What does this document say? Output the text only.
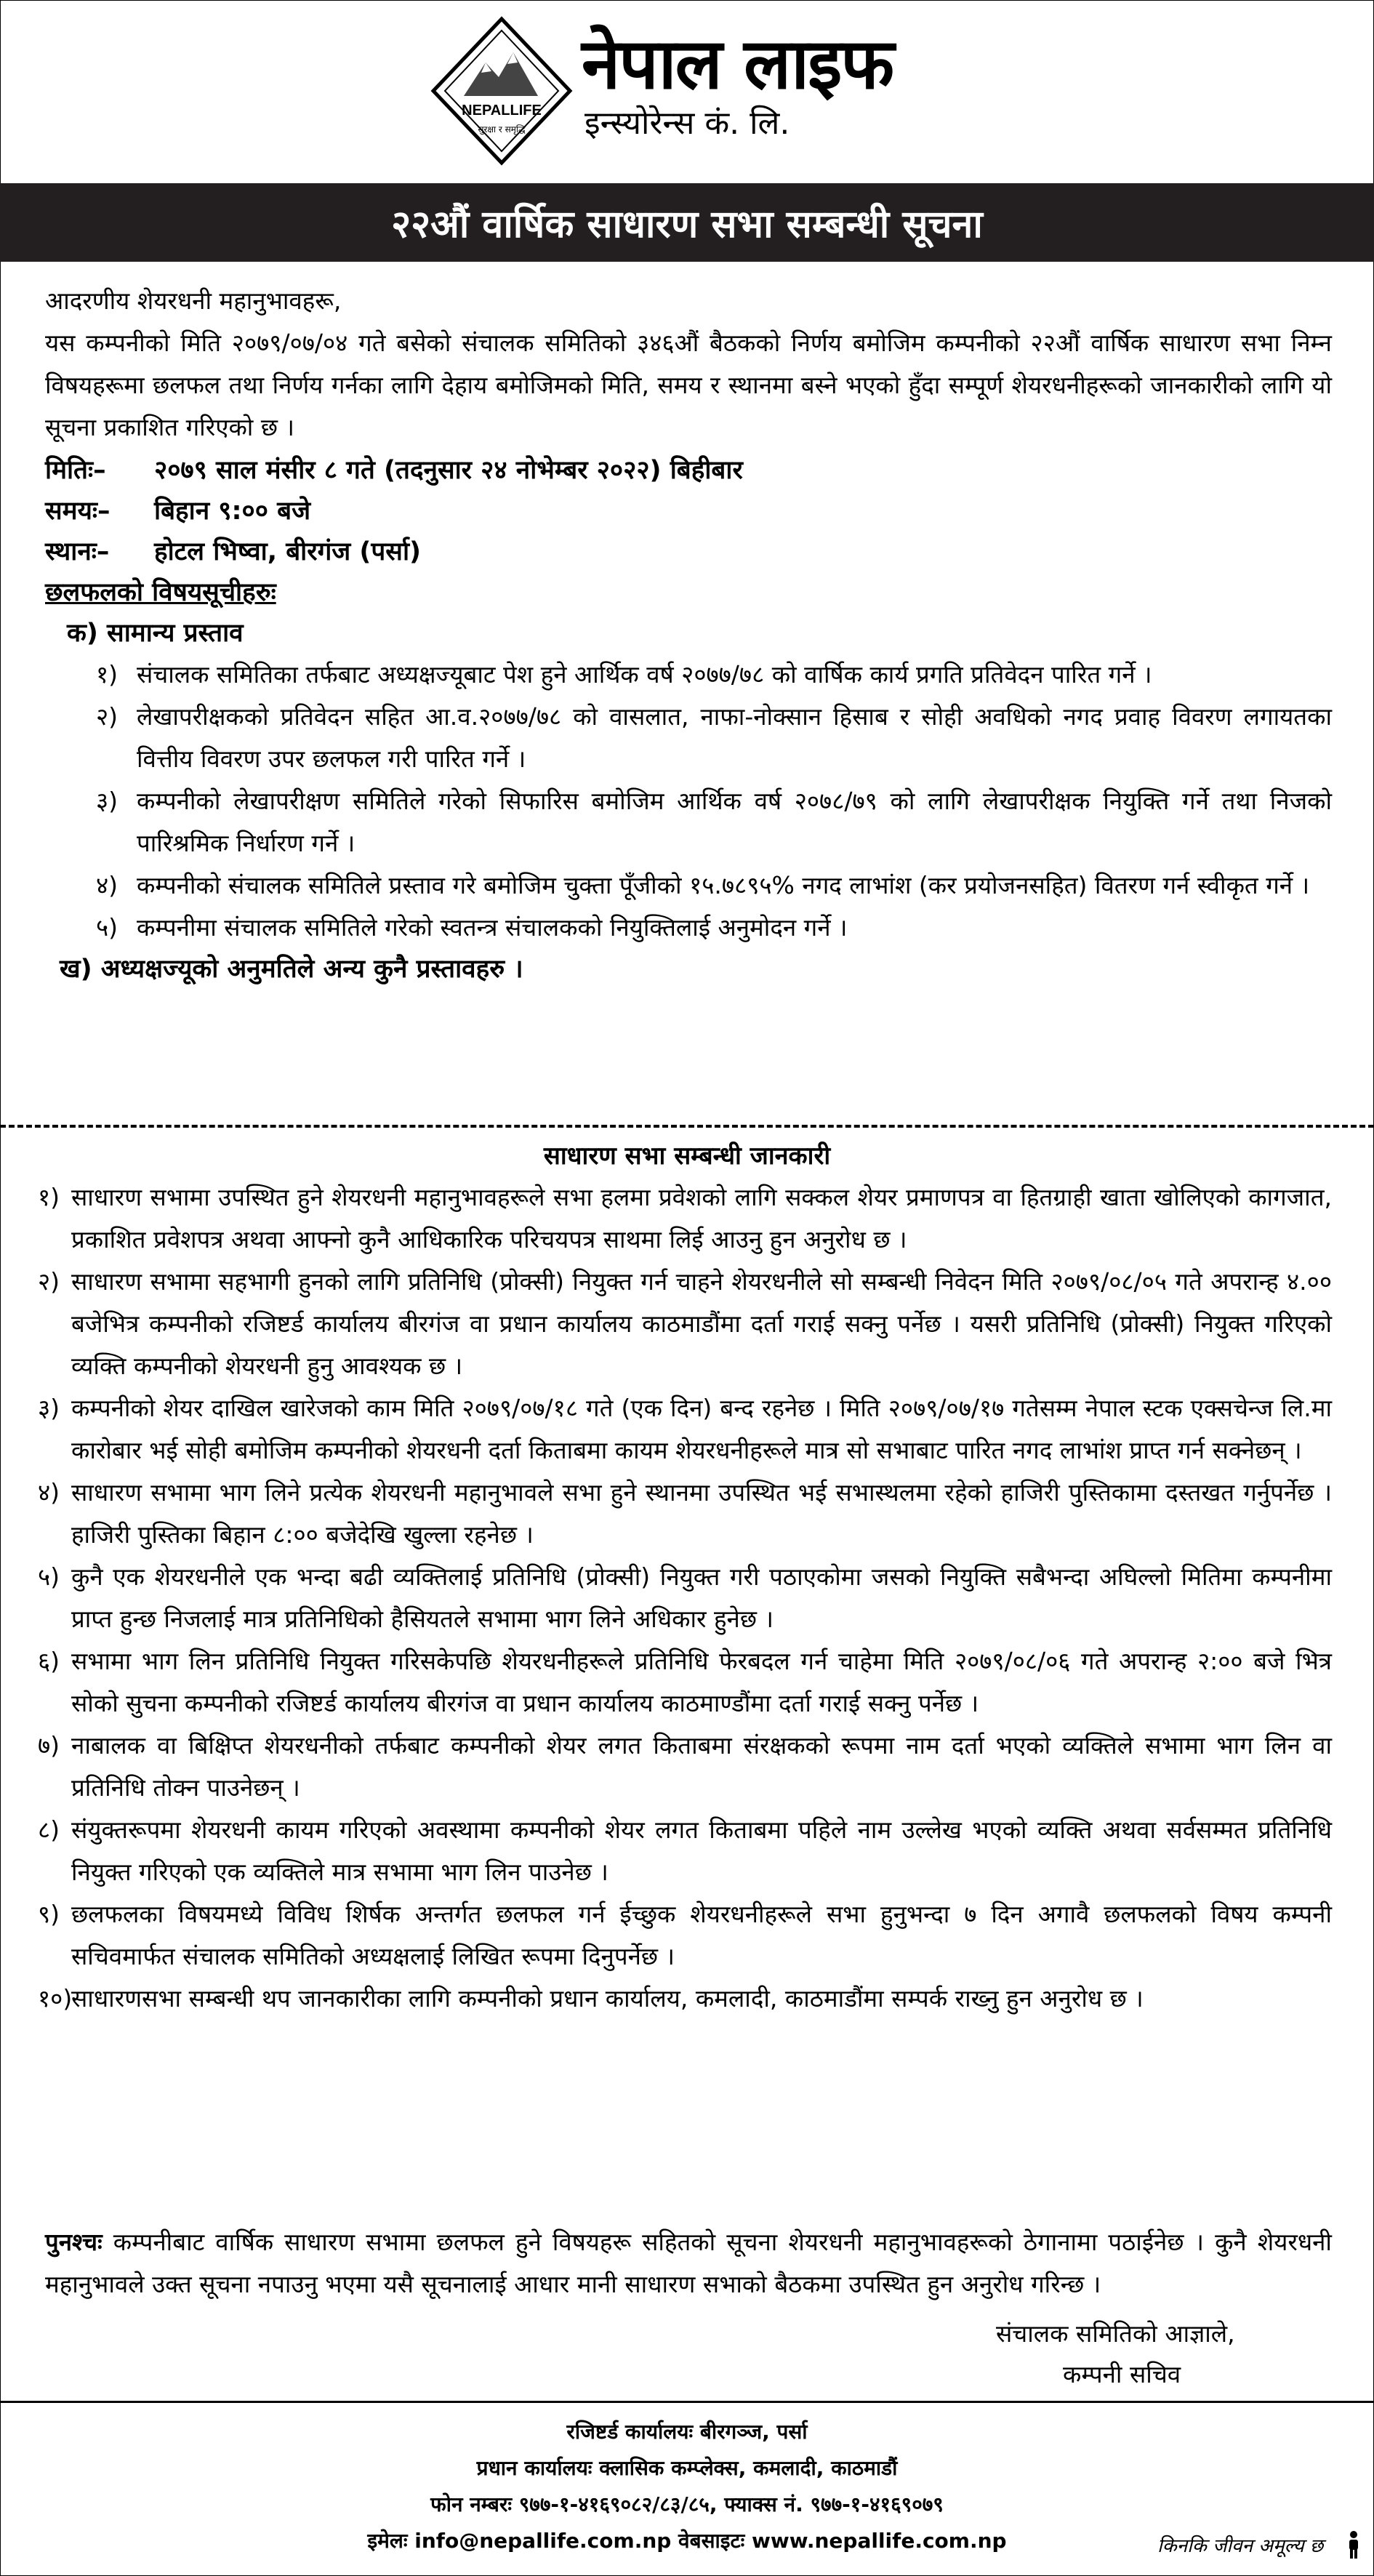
NEPALLIFE
सुरक्षा र समृद्धि
नेपाल लाइफ
इन्स्योरेन्स कं. लि.
२२औं वार्षिक साधारण सभा सम्बन्धी सूचना

आदरणीय शेयरधनी महानुभावहरू,

यस कम्पनीको मिति २०७९/०७/०४ गते बसेको संचालक समितिको ३४६औं बैठकको निर्णय बमोजिम कम्पनीको २२औं वार्षिक साधारण सभा निम्न विषयहरूमा छलफल तथा निर्णय गर्नका लागि देहाय बमोजिमको मिति, समय र स्थानमा बस्ने भएको हुँदा सम्पूर्ण शेयरधनीहरूको जानकारीको लागि यो सूचना प्रकाशित गरिएको छ ।

मितिः–	२०७९ साल मंसीर ८ गते (तदनुसार २४ नोभेम्बर २०२२) बिहीबार
समयः–	बिहान ९:०० बजे
स्थानः–	होटल भिष्वा, बीरगंज (पर्सा)
छलफलको विषयसूचीहरुः
क) सामान्य प्रस्ताव
१) संचालक समितिका तर्फबाट अध्यक्षज्यूबाट पेश हुने आर्थिक वर्ष २०७७/७८ को वार्षिक कार्य प्रगति प्रतिवेदन पारित गर्ने ।
२) लेखापरीक्षकको प्रतिवेदन सहित आ.व.२०७७/७८ को वासलात, नाफा-नोक्सान हिसाब र सोही अवधिको नगद प्रवाह विवरण लगायतका वित्तीय विवरण उपर छलफल गरी पारित गर्ने ।
३) कम्पनीको लेखापरीक्षण समितिले गरेको सिफारिस बमोजिम आर्थिक वर्ष २०७८/७९ को लागि लेखापरीक्षक नियुक्ति गर्ने तथा निजको पारिश्रमिक निर्धारण गर्ने ।
४) कम्पनीको संचालक समितिले प्रस्ताव गरे बमोजिम चुक्ता पूँजीको १५.७८९५% नगद लाभांश (कर प्रयोजनसहित) वितरण गर्न स्वीकृत गर्ने ।
५) कम्पनीमा संचालक समितिले गरेको स्वतन्त्र संचालकको नियुक्तिलाई अनुमोदन गर्ने ।
ख) अध्यक्षज्यूको अनुमतिले अन्य कुनै प्रस्तावहरु ।
साधारण सभा सम्बन्धी जानकारी
१) साधारण सभामा उपस्थित हुने शेयरधनी महानुभावहरूले सभा हलमा प्रवेशको लागि सक्कल शेयर प्रमाणपत्र वा हितग्राही खाता खोलिएको कागजात, प्रकाशित प्रवेशपत्र अथवा आफ्नो कुनै आधिकारिक परिचयपत्र साथमा लिई आउनु हुन अनुरोध छ ।
२) साधारण सभामा सहभागी हुनको लागि प्रतिनिधि (प्रोक्सी) नियुक्त गर्न चाहने शेयरधनीले सो सम्बन्धी निवेदन मिति २०७९/०८/०५ गते अपरान्ह ४.०० बजेभित्र कम्पनीको रजिष्टर्ड कार्यालय बीरगंज वा प्रधान कार्यालय काठमाडौंमा दर्ता गराई सक्नु पर्नेछ । यसरी प्रतिनिधि (प्रोक्सी) नियुक्त गरिएको व्यक्ति कम्पनीको शेयरधनी हुनु आवश्यक छ ।
३) कम्पनीको शेयर दाखिल खारेजको काम मिति २०७९/०७/१८ गते (एक दिन) बन्द रहनेछ । मिति २०७९/०७/१७ गतेसम्म नेपाल स्टक एक्सचेन्ज लि.मा कारोबार भई सोही बमोजिम कम्पनीको शेयरधनी दर्ता किताबमा कायम शेयरधनीहरूले मात्र सो सभाबाट पारित नगद लाभांश प्राप्त गर्न सक्नेछन् ।
४) साधारण सभामा भाग लिने प्रत्येक शेयरधनी महानुभावले सभा हुने स्थानमा उपस्थित भई सभास्थलमा रहेको हाजिरी पुस्तिकामा दस्तखत गर्नुपर्नेछ । हाजिरी पुस्तिका बिहान ८:०० बजेदेखि खुल्ला रहनेछ ।
५) कुनै एक शेयरधनीले एक भन्दा बढी व्यक्तिलाई प्रतिनिधि (प्रोक्सी) नियुक्त गरी पठाएकोमा जसको नियुक्ति सबैभन्दा अघिल्लो मितिमा कम्पनीमा प्राप्त हुन्छ निजलाई मात्र प्रतिनिधिको हैसियतले सभामा भाग लिने अधिकार हुनेछ ।
६) सभामा भाग लिन प्रतिनिधि नियुक्त गरिसकेपछि शेयरधनीहरूले प्रतिनिधि फेरबदल गर्न चाहेमा मिति २०७९/०८/०६ गते अपरान्ह २:०० बजे भित्र सोको सुचना कम्पनीको रजिष्टर्ड कार्यालय बीरगंज वा प्रधान कार्यालय काठमाण्डौंमा दर्ता गराई सक्नु पर्नेछ ।
७) नाबालक वा बिक्षिप्त शेयरधनीको तर्फबाट कम्पनीको शेयर लगत किताबमा संरक्षकको रूपमा नाम दर्ता भएको व्यक्तिले सभामा भाग लिन वा प्रतिनिधि तोक्न पाउनेछन् ।
८) संयुक्तरूपमा शेयरधनी कायम गरिएको अवस्थामा कम्पनीको शेयर लगत किताबमा पहिले नाम उल्लेख भएको व्यक्ति अथवा सर्वसम्मत प्रतिनिधि नियुक्त गरिएको एक व्यक्तिले मात्र सभामा भाग लिन पाउनेछ ।
९) छलफलका विषयमध्ये विविध शिर्षक अन्तर्गत छलफल गर्न ईच्छुक शेयरधनीहरूले सभा हुनुभन्दा ७ दिन अगावै छलफलको विषय कम्पनी सचिवमार्फत संचालक समितिको अध्यक्षलाई लिखित रूपमा दिनुपर्नेछ ।
१०)
साधारणसभा सम्बन्धी थप जानकारीका लागि कम्पनीको प्रधान कार्यालय, कमलादी, काठमाडौंमा सम्पर्क राख्नु हुन अनुरोध छ ।

पुनश्चः कम्पनीबाट वार्षिक साधारण सभामा छलफल हुने विषयहरू सहितको सूचना शेयरधनी महानुभावहरूको ठेगानामा पठाईनेछ । कुनै शेयरधनी महानुभावले उक्त सूचना नपाउनु भएमा यसै सूचनालाई आधार मानी साधारण सभाको बैठकमा उपस्थित हुन अनुरोध गरिन्छ ।

संचालक समितिको आज्ञाले,
कम्पनी सचिव
रजिष्टर्ड कार्यालयः बीरगञ्ज, पर्सा
प्रधान कार्यालयः क्लासिक कम्प्लेक्स, कमलादी, काठमाडौं
फोन नम्बरः ९७७-१-४१६९०८२/८३/८५, फ्याक्स नं. ९७७-१-४१६९०७९
इमेलः info@nepallife.com.np वेबसाइटः www.nepallife.com.np	किनकि जीवन अमूल्य छ
